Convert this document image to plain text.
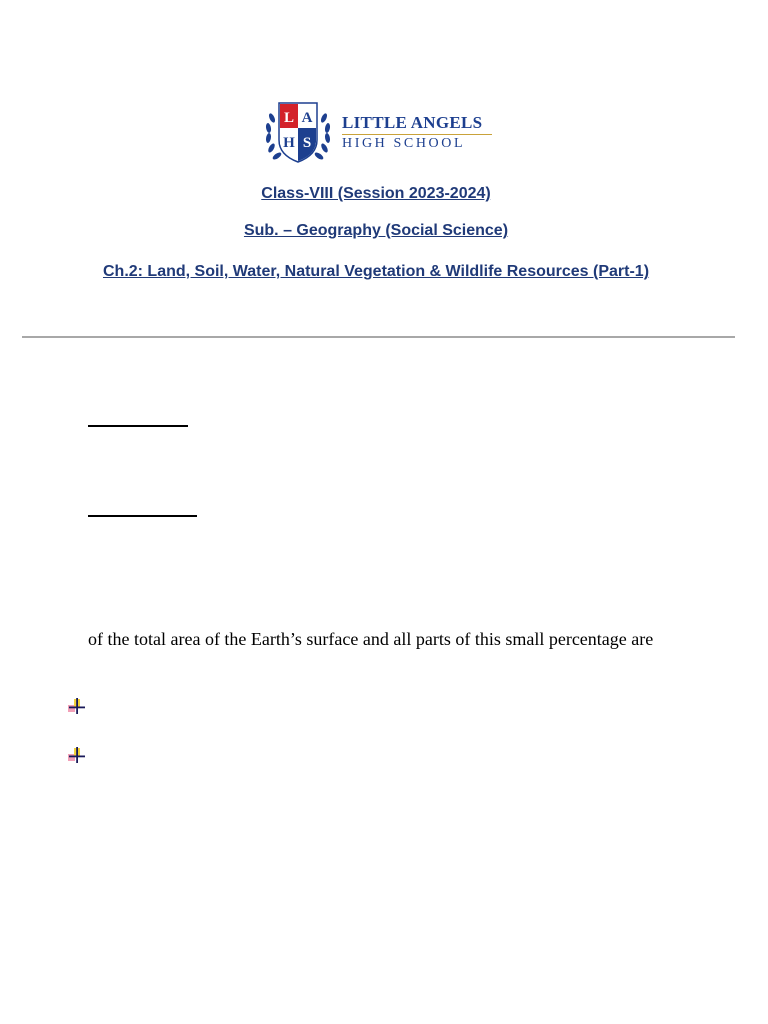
L A
H S
LITTLE ANGELS
HIGH SCHOOL
Class-VIII (Session 2023-2024)
Sub. – Geography (Social Science)
Ch.2: Land, Soil, Water, Natural Vegetation & Wildlife Resources (Part-1)
of the total area of the Earth’s surface and all parts of this small percentage are
